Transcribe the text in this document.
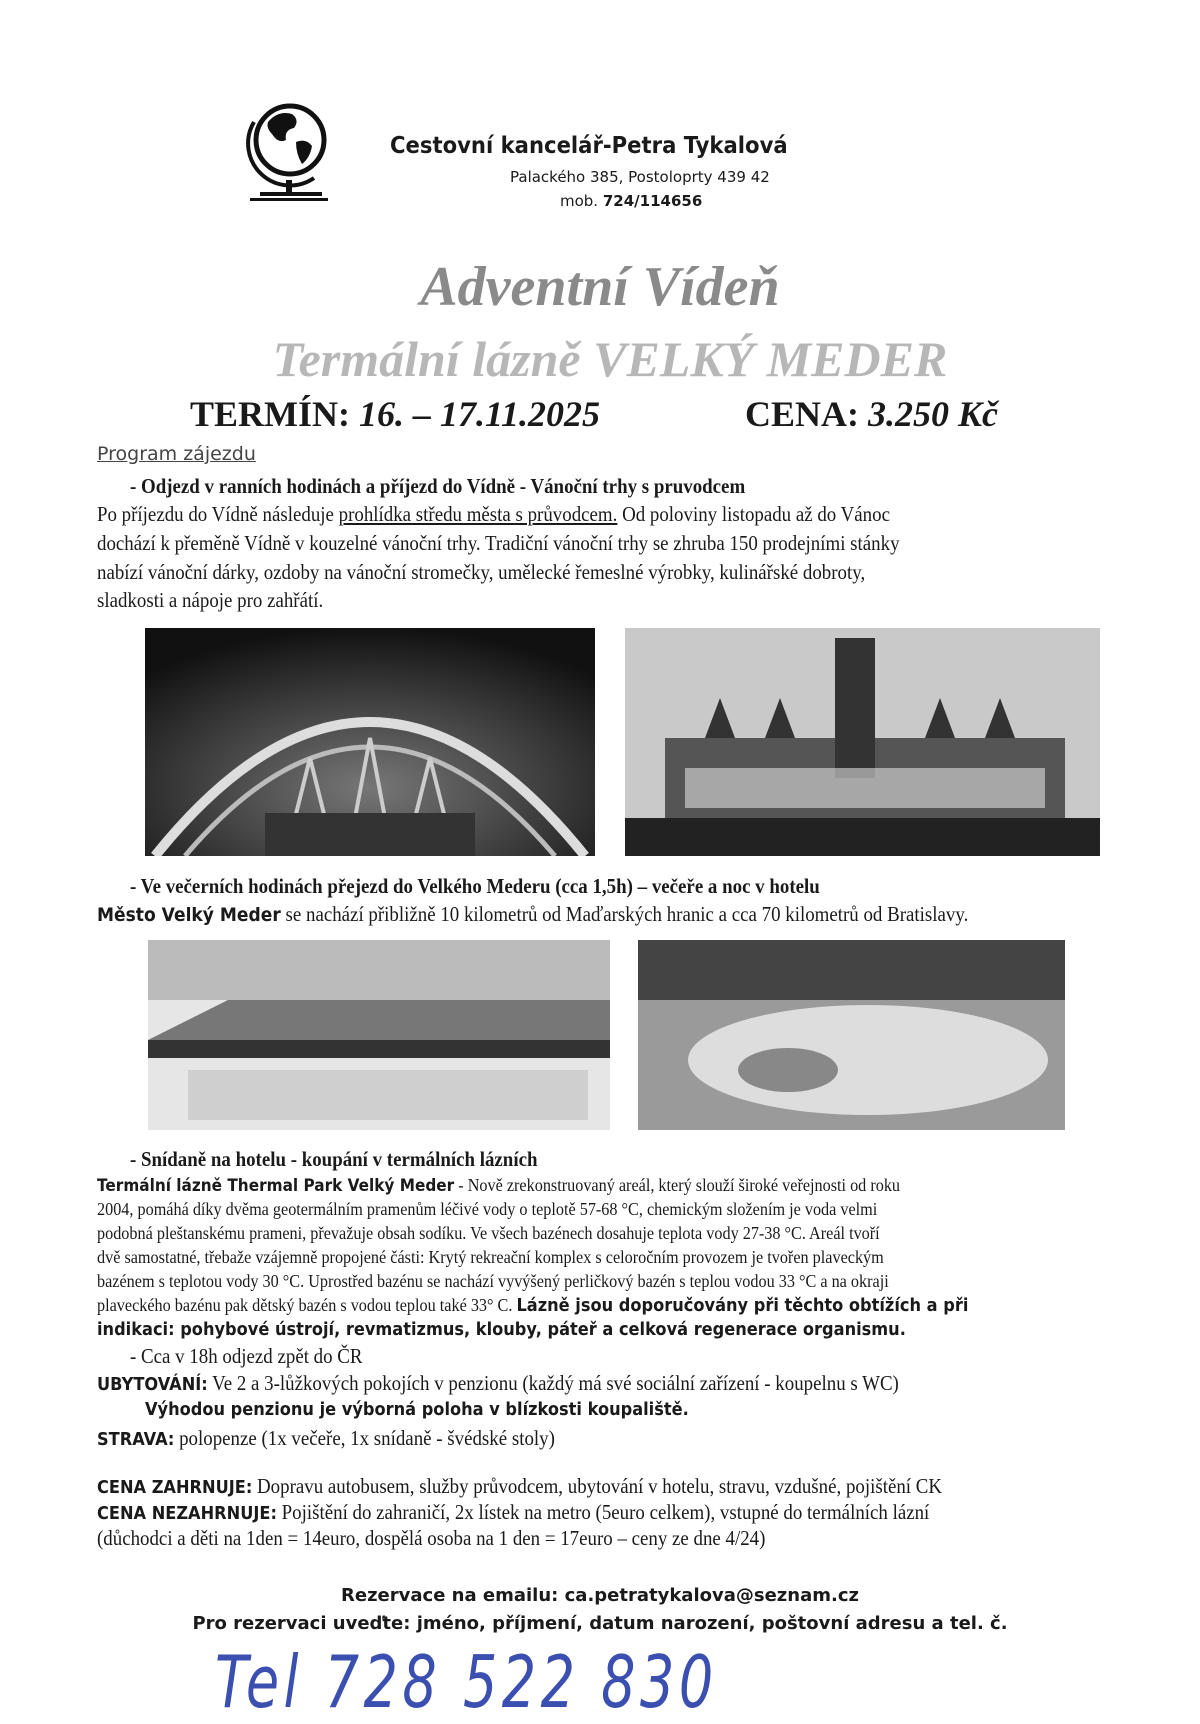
Cestovní kancelář-Petra Tykalová
Palackého 385, Postoloprty 439 42
mob. 724/114656
Adventní Vídeň
Termální lázně VELKÝ MEDER
TERMÍN: 16. – 17.11.2025	CENA: 3.250 Kč
Program zájezdu
- Odjezd v ranních hodinách a příjezd do Vídně - Vánoční trhy s pruvodcem
Po příjezdu do Vídně následuje prohlídka středu města s průvodcem. Od poloviny listopadu až do Vánoc
dochází k přeměně Vídně v kouzelné vánoční trhy. Tradiční vánoční trhy se zhruba 150 prodejními stánky
nabízí vánoční dárky, ozdoby na vánoční stromečky, umělecké řemeslné výrobky, kulinářské dobroty,
sladkosti a nápoje pro zahřátí.
- Ve večerních hodinách přejezd do Velkého Mederu (cca 1,5h) – večeře a noc v hotelu
Město Velký Meder se nachází přibližně 10 kilometrů od Maďarských hranic a cca 70 kilometrů od Bratislavy.
- Snídaně na hotelu - koupání v termálních lázních
Termální lázně Thermal Park Velký Meder - Nově zrekonstruovaný areál, který slouží široké veřejnosti od roku
2004, pomáhá díky dvěma geotermálním pramenům léčivé vody o teplotě 57-68 °C, chemickým složením je voda velmi
podobná pleštanskému prameni, převažuje obsah sodíku. Ve všech bazénech dosahuje teplota vody 27-38 °C. Areál tvoří
dvě samostatné, třebaže vzájemně propojené části: Krytý rekreační komplex s celoročním provozem je tvořen plaveckým
bazénem s teplotou vody 30 °C. Uprostřed bazénu se nachází vyvýšený perličkový bazén s teplou vodou 33 °C a na okraji
plaveckého bazénu pak dětský bazén s vodou teplou také 33° C. Lázně jsou doporučovány při těchto obtížích a při
indikaci: pohybové ústrojí, revmatizmus, klouby, páteř a celková regenerace organismu.
- Cca v 18h odjezd zpět do ČR
UBYTOVÁNÍ: Ve 2 a 3-lůžkových pokojích v penzionu (každý má své sociální zařízení - koupelnu s WC)
Výhodou penzionu je výborná poloha v blízkosti koupaliště.
STRAVA: polopenze (1x večeře, 1x snídaně - švédské stoly)
CENA ZAHRNUJE: Dopravu autobusem, služby průvodcem, ubytování v hotelu, stravu, vzdušné, pojištění CK
CENA NEZAHRNUJE: Pojištění do zahraničí, 2x lístek na metro (5euro celkem), vstupné do termálních lázní
(důchodci a děti na 1den = 14euro, dospělá osoba na 1 den = 17euro – ceny ze dne 4/24)
Rezervace na emailu: ca.petratykalova@seznam.cz
Pro rezervaci uveďte: jméno, příjmení, datum narození, poštovní adresu a tel. č.
Tel 728 522 830
